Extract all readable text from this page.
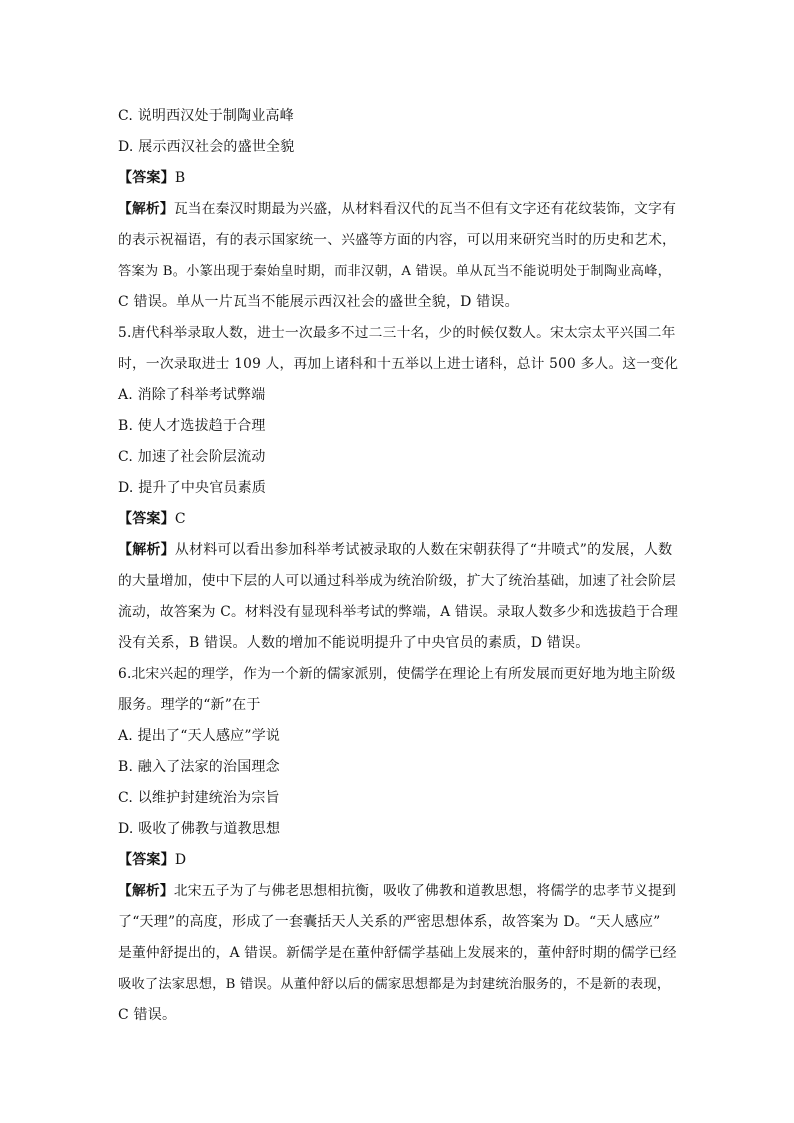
C. 说明西汉处于制陶业高峰

D. 展示西汉社会的盛世全貌

【答案】B

【解析】瓦当在秦汉时期最为兴盛，从材料看汉代的瓦当不但有文字还有花纹装饰，文字有

的表示祝福语，有的表示国家统一、兴盛等方面的内容，可以用来研究当时的历史和艺术，

答案为 B。小篆出现于秦始皇时期，而非汉朝，A 错误。单从瓦当不能说明处于制陶业高峰，

C 错误。单从一片瓦当不能展示西汉社会的盛世全貌，D 错误。

5.唐代科举录取人数，进士一次最多不过二三十名，少的时候仅数人。宋太宗太平兴国二年

时，一次录取进士 109 人，再加上诸科和十五举以上进士诸科，总计 500 多人。这一变化

A. 消除了科举考试弊端

B. 使人才选拔趋于合理

C. 加速了社会阶层流动

D. 提升了中央官员素质

【答案】C

【解析】从材料可以看出参加科举考试被录取的人数在宋朝获得了“井喷式”的发展，人数

的大量增加，使中下层的人可以通过科举成为统治阶级，扩大了统治基础，加速了社会阶层

流动，故答案为 C。材料没有显现科举考试的弊端，A 错误。录取人数多少和选拔趋于合理

没有关系，B 错误。人数的增加不能说明提升了中央官员的素质，D 错误。

6.北宋兴起的理学，作为一个新的儒家派别，使儒学在理论上有所发展而更好地为地主阶级

服务。理学的“新”在于

A. 提出了“天人感应”学说

B. 融入了法家的治国理念

C. 以维护封建统治为宗旨

D. 吸收了佛教与道教思想

【答案】D

【解析】北宋五子为了与佛老思想相抗衡，吸收了佛教和道教思想，将儒学的忠孝节义提到

了“天理”的高度，形成了一套囊括天人关系的严密思想体系，故答案为 D。“天人感应”

是董仲舒提出的，A 错误。新儒学是在董仲舒儒学基础上发展来的，董仲舒时期的儒学已经

吸收了法家思想，B 错误。从董仲舒以后的儒家思想都是为封建统治服务的，不是新的表现，

C 错误。
